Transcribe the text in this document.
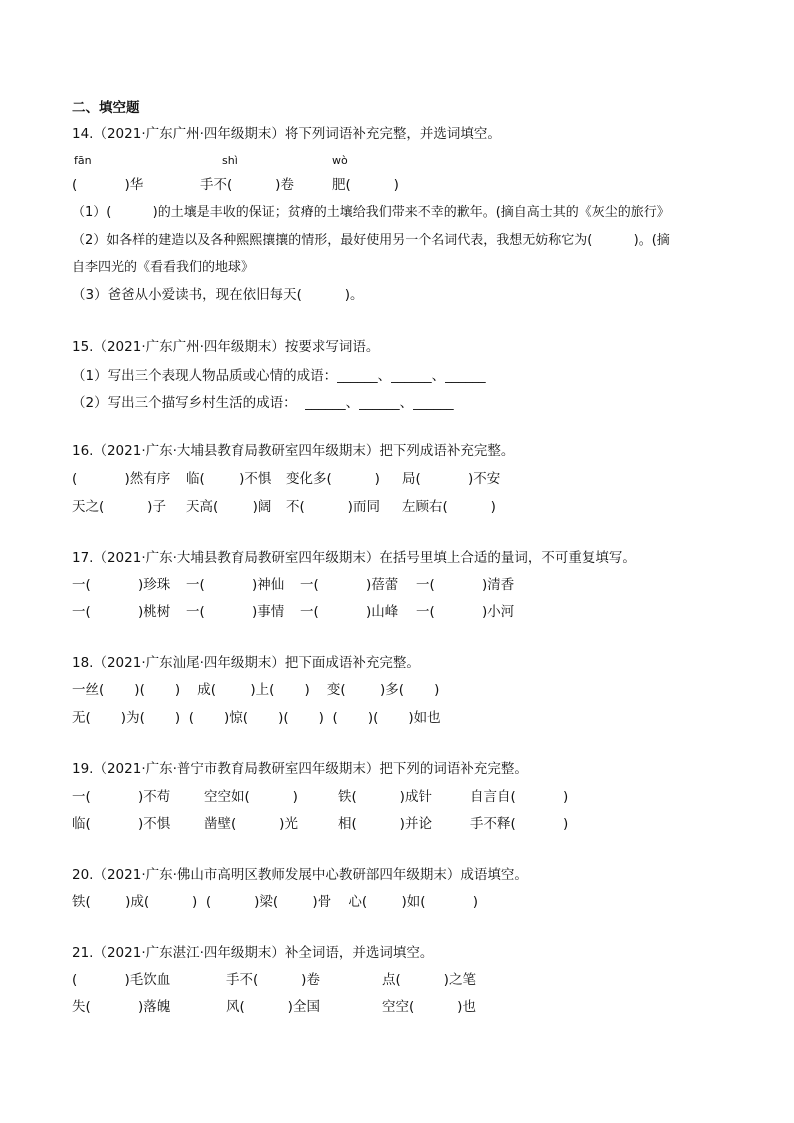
二、填空题
14.（2021·广东广州·四年级期末）将下列词语补充完整，并选词填空。
fān	shì	wò
(           )华	手不(          )卷	肥(          )
（1）(          )的土壤是丰收的保证；贫瘠的土壤给我们带来不幸的歉年。(摘自高士其的《灰尘的旅行》
（2）如各样的建造以及各种熙熙攘攘的情形，最好使用另一个名词代表，我想无妨称它为(          )。(摘
自李四光的《看看我们的地球》
（3）爸爸从小爱读书，现在依旧每天(          )。
15.（2021·广东广州·四年级期末）按要求写词语。
（1）写出三个表现人物品质或心情的成语：______、______、______
（2）写出三个描写乡村生活的成语：  ______、______、______
16.（2021·广东·大埔县教育局教研室四年级期末）把下列成语补充完整。
(           )然有序 临(        )不惧 变化多(          ) 局(           )不安
天之(          )子 天高(        )阔 不(          )而同 左顾右(          )
17.（2021·广东·大埔县教育局教研室四年级期末）在括号里填上合适的量词，不可重复填写。
一(           )珍珠 一(           )神仙 一(           )蓓蕾 一(           )清香
一(           )桃树 一(           )事情 一(           )山峰 一(           )小河
18.（2021·广东汕尾·四年级期末）把下面成语补充完整。
一丝(       )(       )    成(        )上(       )    变(        )多(       )
无(       )为(       )  (       )惊(       )(       )  (       )(       )如也
19.（2021·广东·普宁市教育局教研室四年级期末）把下列的词语补充完整。
一(           )不苟	空空如(          )	铁(          )成针	自言自(           )
临(           )不惧	凿壁(          )光	相(          )并论	手不释(           )
20.（2021·广东·佛山市高明区教师发展中心教研部四年级期末）成语填空。
铁(        )成(          )  (          )梁(        )骨    心(        )如(           )
21.（2021·广东湛江·四年级期末）补全词语，并选词填空。
(           )毛饮血	手不(          )卷	点(          )之笔
失(           )落魄	风(          )全国	空空(          )也
